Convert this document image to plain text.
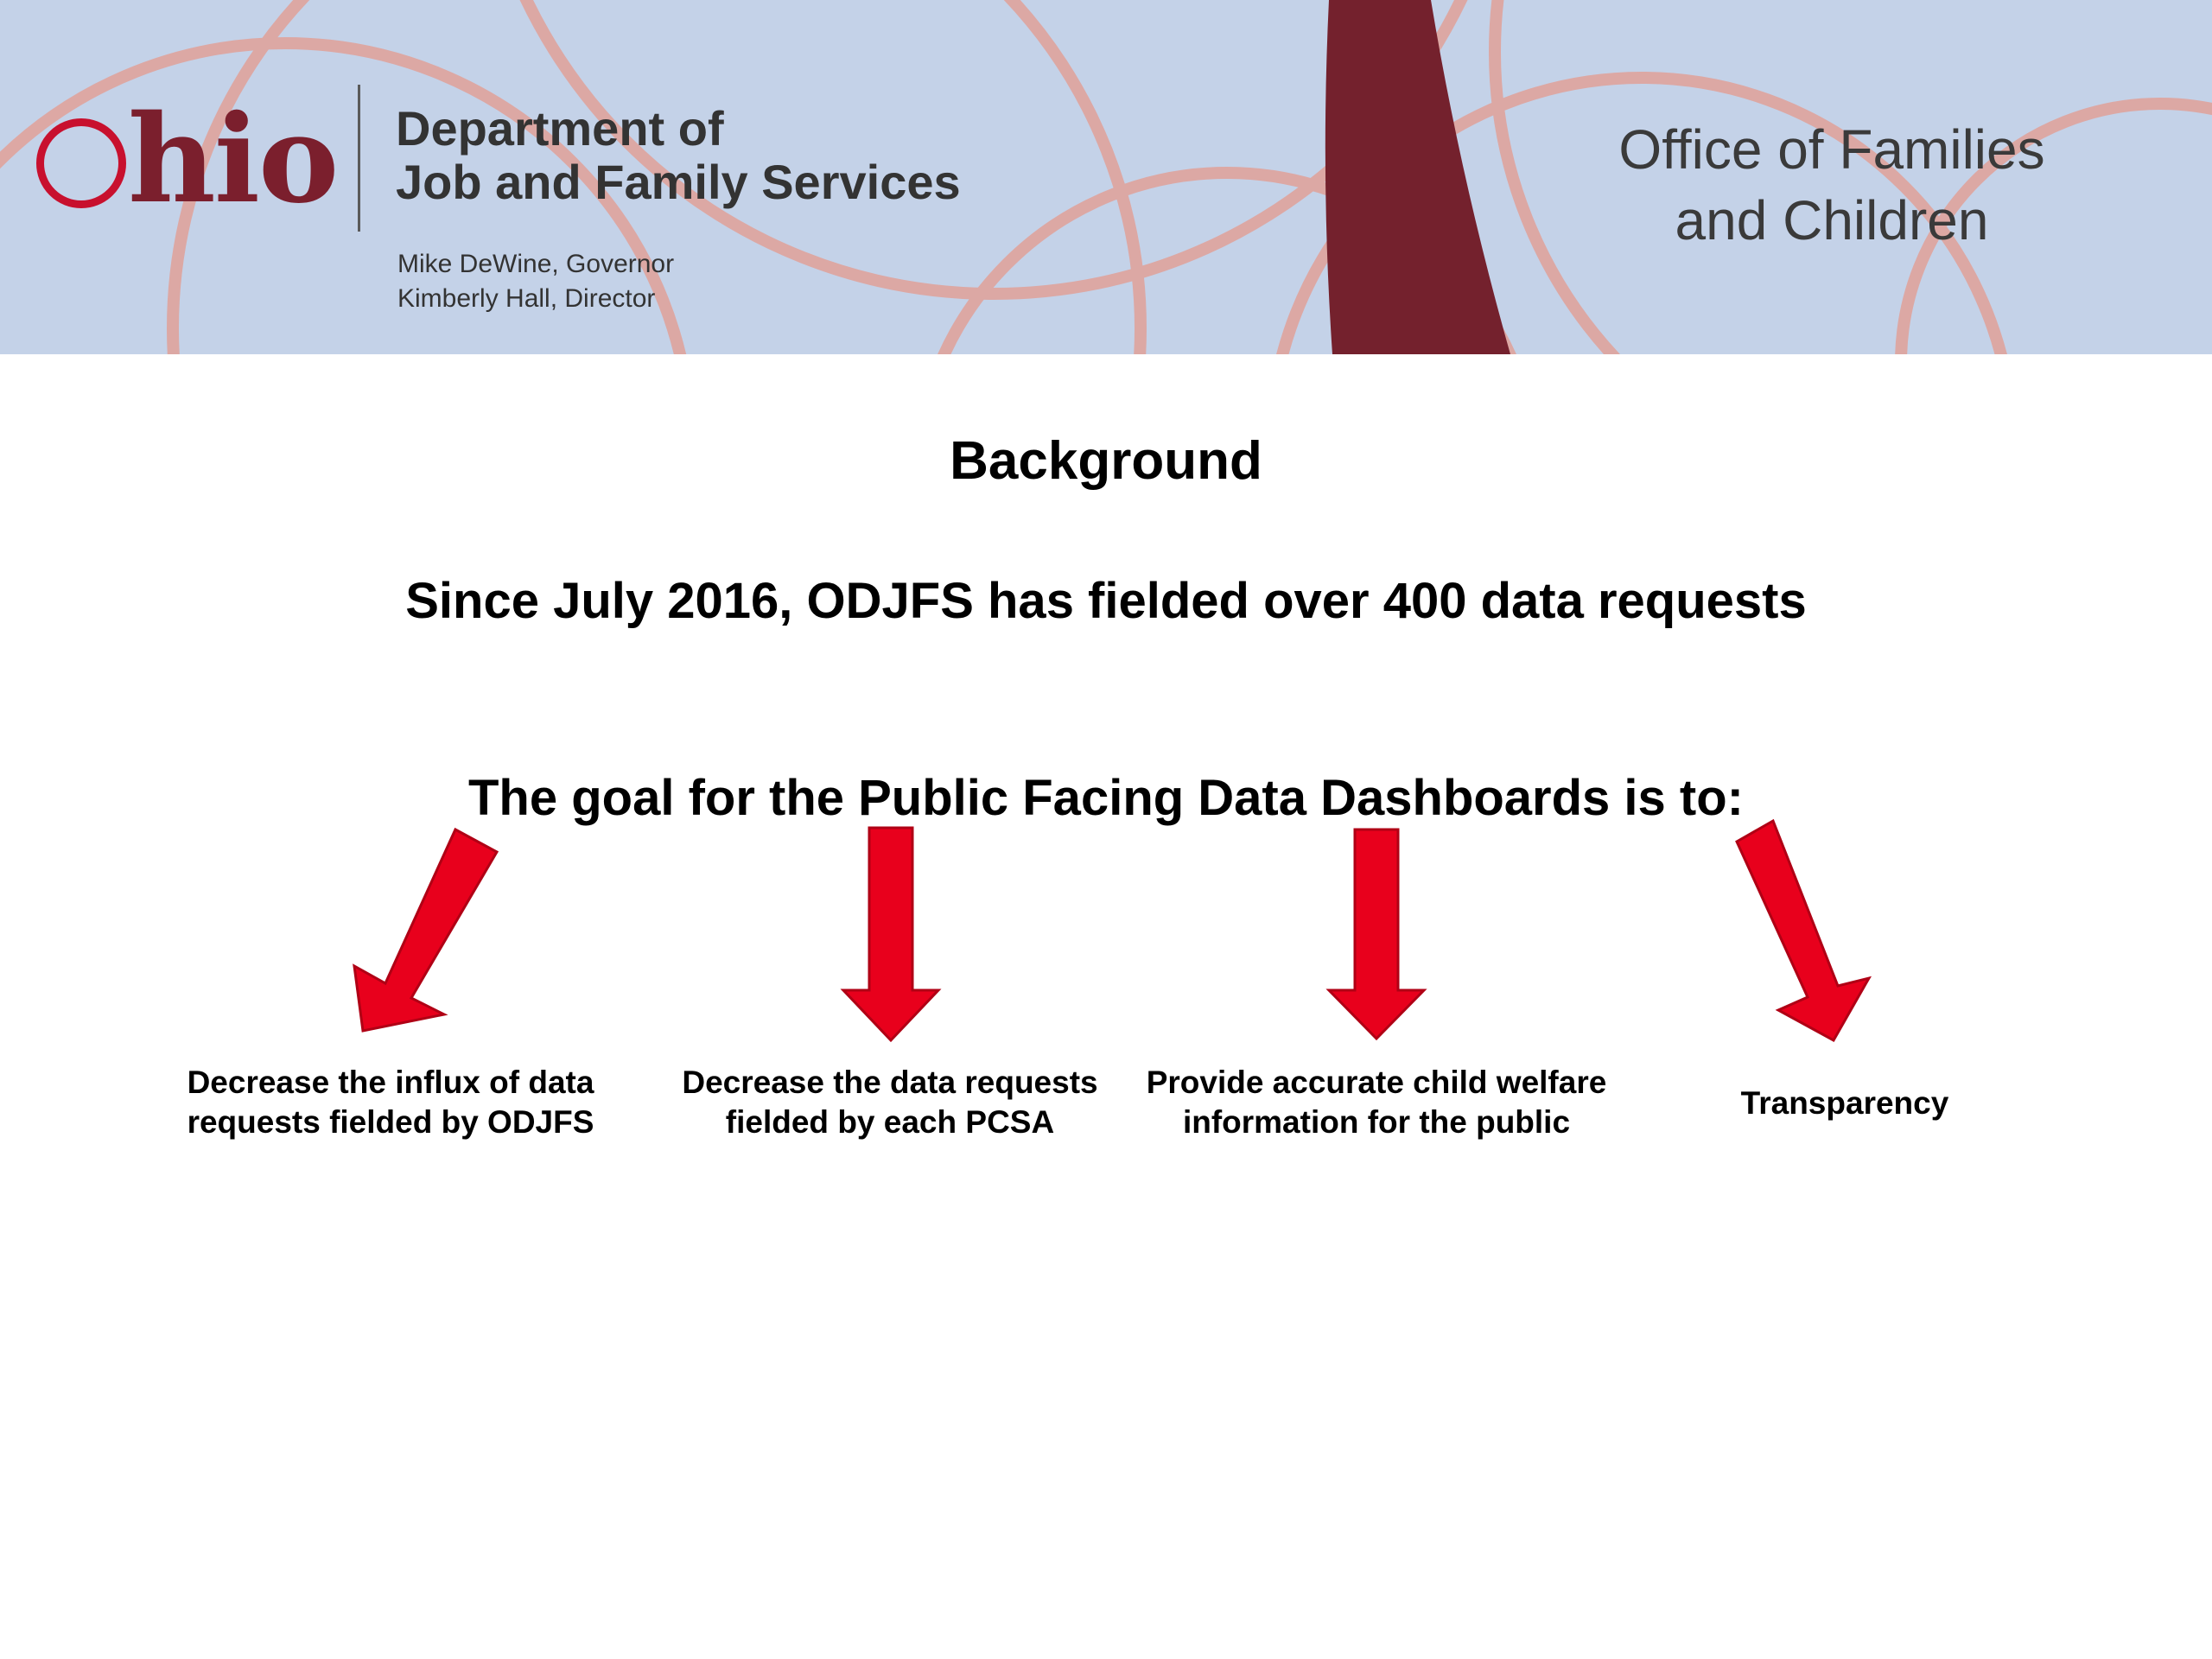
hio Department of
Job and Family Services
Mike DeWine, Governor
Kimberly Hall, Director
Office of Families
and Children
Background
Since July 2016, ODJFS has fielded over 400 data requests
The goal for the Public Facing Data Dashboards is to:
Decrease the influx of data
requests fielded by ODJFS
Decrease the data requests
fielded by each PCSA
Provide accurate child welfare
information for the public
Transparency
